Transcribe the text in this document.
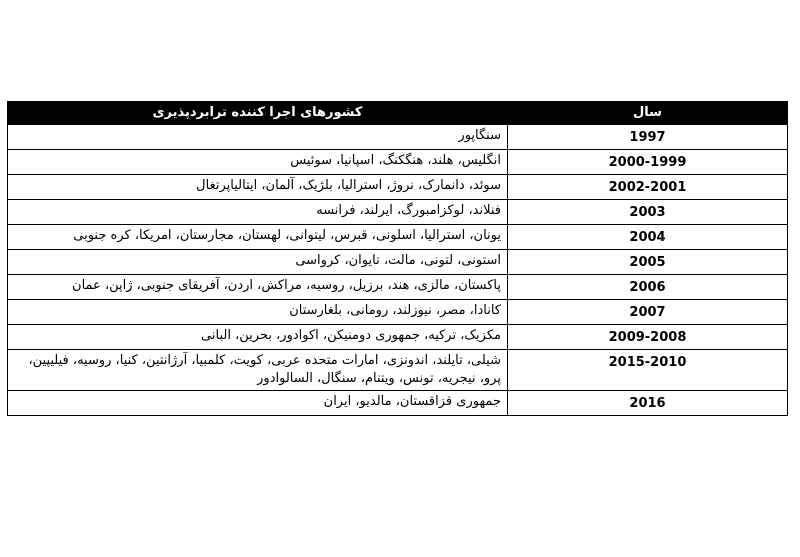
کشورهای اجرا کننده ترابردپذیری	سال
سنگاپور	1997
انگلیس، هلند، هنگکنگ، اسپانیا، سوئیس	2000-1999
سوئد، دانمارک، نروژ، استرالیا، بلژیک، آلمان، ایتالیاپرتغال	2002-2001
فنلاند، لوکزامبورگ، ایرلند، فرانسه	2003
یونان، استرالیا، اسلونی، قبرس، لیتوانی، لهستان، مجارستان، امریکا، کره جنوبی	2004
استونی، لتونی، مالت، تایوان، کرواسی	2005
پاکستان، مالزی، هند، برزیل، روسیه، مراکش، اردن، آفریقای جنوبی، ژاپن، عمان	2006
کانادا، مصر، نیوزلند، رومانی، بلغارستان	2007
مکزیک، ترکیه، جمهوری دومنیکن، اکوادور، بحرین، البانی	2009-2008
شیلی، تایلند، اندونزی، امارات متحده عربی، کویت، کلمبیا، آرژانتین، کنیا، روسیه، فیلیپین، پرو، نیجریه، تونس، ویتنام، سنگال، السالوادور	2015-2010
جمهوری قزاقستان، مالدیو، ایران	2016
